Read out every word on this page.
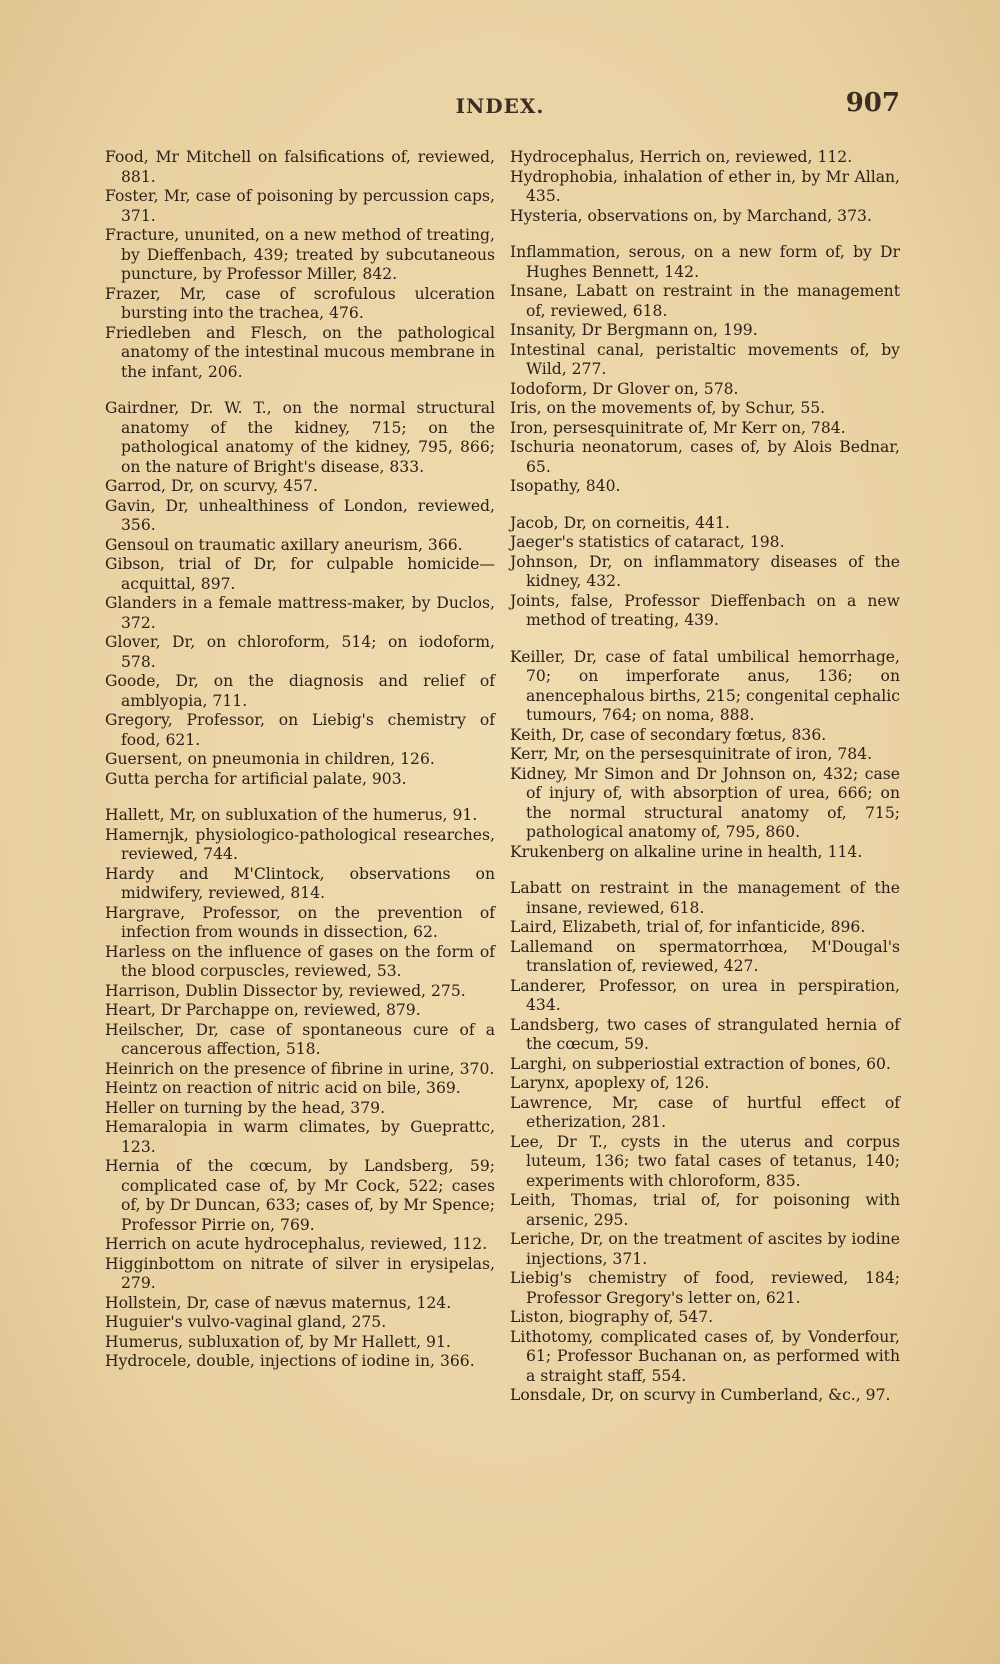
INDEX.	907

Food, Mr Mitchell on falsifications of, reviewed, 881.

Foster, Mr, case of poisoning by percussion caps, 371.

Fracture, ununited, on a new method of treating, by Dieffenbach, 439; treated by subcutaneous puncture, by Professor Miller, 842.

Frazer, Mr, case of scrofulous ulceration bursting into the trachea, 476.

Friedleben and Flesch, on the pathological anatomy of the intestinal mucous membrane in the infant, 206.

Gairdner, Dr. W. T., on the normal structural anatomy of the kidney, 715; on the pathological anatomy of the kidney, 795, 866; on the nature of Bright's disease, 833.

Garrod, Dr, on scurvy, 457.

Gavin, Dr, unhealthiness of London, reviewed, 356.

Gensoul on traumatic axillary aneurism, 366.

Gibson, trial of Dr, for culpable homicide—acquittal, 897.

Glanders in a female mattress-maker, by Duclos, 372.

Glover, Dr, on chloroform, 514; on iodoform, 578.

Goode, Dr, on the diagnosis and relief of amblyopia, 711.

Gregory, Professor, on Liebig's chemistry of food, 621.

Guersent, on pneumonia in children, 126.

Gutta percha for artificial palate, 903.

Hallett, Mr, on subluxation of the humerus, 91.

Hamernjk, physiologico-pathological researches, reviewed, 744.

Hardy and M'Clintock, observations on midwifery, reviewed, 814.

Hargrave, Professor, on the prevention of infection from wounds in dissection, 62.

Harless on the influence of gases on the form of the blood corpuscles, reviewed, 53.

Harrison, Dublin Dissector by, reviewed, 275.

Heart, Dr Parchappe on, reviewed, 879.

Heilscher, Dr, case of spontaneous cure of a cancerous affection, 518.

Heinrich on the presence of fibrine in urine, 370.

Heintz on reaction of nitric acid on bile, 369.

Heller on turning by the head, 379.

Hemaralopia in warm climates, by Gueprattc, 123.

Hernia of the cœcum, by Landsberg, 59; complicated case of, by Mr Cock, 522; cases of, by Dr Duncan, 633; cases of, by Mr Spence; Professor Pirrie on, 769.

Herrich on acute hydrocephalus, reviewed, 112.

Higginbottom on nitrate of silver in erysipelas, 279.

Hollstein, Dr, case of nævus maternus, 124.

Huguier's vulvo-vaginal gland, 275.

Humerus, subluxation of, by Mr Hallett, 91.

Hydrocele, double, injections of iodine in, 366.

Hydrocephalus, Herrich on, reviewed, 112.

Hydrophobia, inhalation of ether in, by Mr Allan, 435.

Hysteria, observations on, by Marchand, 373.

Inflammation, serous, on a new form of, by Dr Hughes Bennett, 142.

Insane, Labatt on restraint in the management of, reviewed, 618.

Insanity, Dr Bergmann on, 199.

Intestinal canal, peristaltic movements of, by Wild, 277.

Iodoform, Dr Glover on, 578.

Iris, on the movements of, by Schur, 55.

Iron, persesquinitrate of, Mr Kerr on, 784.

Ischuria neonatorum, cases of, by Alois Bednar, 65.

Isopathy, 840.

Jacob, Dr, on corneitis, 441.

Jaeger's statistics of cataract, 198.

Johnson, Dr, on inflammatory diseases of the kidney, 432.

Joints, false, Professor Dieffenbach on a new method of treating, 439.

Keiller, Dr, case of fatal umbilical hemorrhage, 70; on imperforate anus, 136; on anencephalous births, 215; congenital cephalic tumours, 764; on noma, 888.

Keith, Dr, case of secondary fœtus, 836.

Kerr, Mr, on the persesquinitrate of iron, 784.

Kidney, Mr Simon and Dr Johnson on, 432; case of injury of, with absorption of urea, 666; on the normal structural anatomy of, 715; pathological anatomy of, 795, 860.

Krukenberg on alkaline urine in health, 114.

Labatt on restraint in the management of the insane, reviewed, 618.

Laird, Elizabeth, trial of, for infanticide, 896.

Lallemand on spermatorrhœa, M'Dougal's translation of, reviewed, 427.

Landerer, Professor, on urea in perspiration, 434.

Landsberg, two cases of strangulated hernia of the cœcum, 59.

Larghi, on subperiostial extraction of bones, 60.

Larynx, apoplexy of, 126.

Lawrence, Mr, case of hurtful effect of etherization, 281.

Lee, Dr T., cysts in the uterus and corpus luteum, 136; two fatal cases of tetanus, 140; experiments with chloroform, 835.

Leith, Thomas, trial of, for poisoning with arsenic, 295.

Leriche, Dr, on the treatment of ascites by iodine injections, 371.

Liebig's chemistry of food, reviewed, 184; Professor Gregory's letter on, 621.

Liston, biography of, 547.

Lithotomy, complicated cases of, by Vonderfour, 61; Professor Buchanan on, as performed with a straight staff, 554.

Lonsdale, Dr, on scurvy in Cumberland, &c., 97.
